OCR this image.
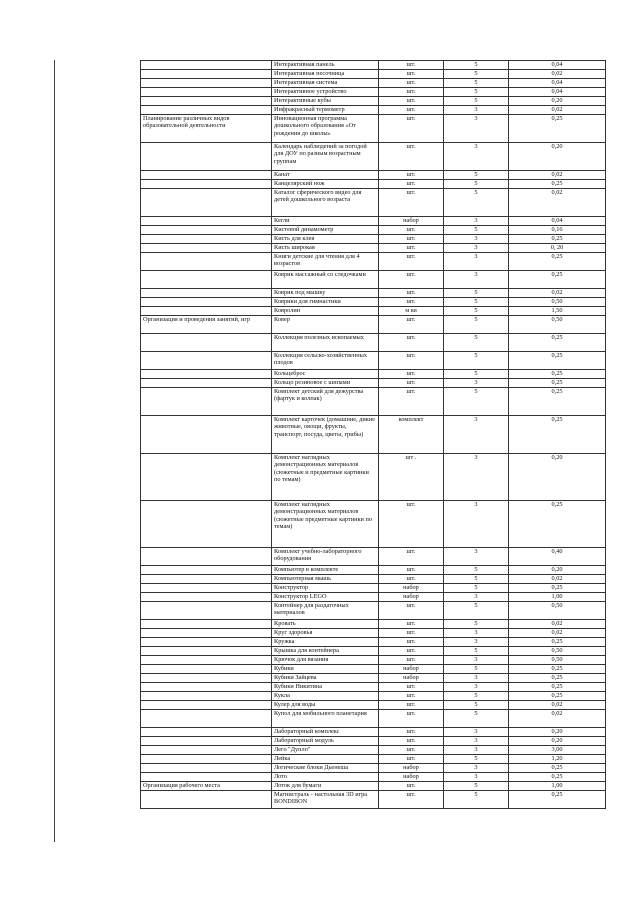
	Интерактивная панель	шт.	5	0,04
	Интерактивная песочница	шт.	5	0,02
	Интерактивная система	шт.	5	0,04
	Интерактивное устройство	шт.	5	0,04
	Интерактивные кубы	шт.	5	0,20
	Инфракрасный термометр	шт.	3	0,02
Планирование различных видов образовательной деятельности	Инновационная программа дошкольного образования «От рождения до школы»	шт.	3	0,25
	Календарь наблюдений за погодой для ДОУ по разным возрастным группам	шт.	3	0,20
	Канат	шт.	5	0,02
	Канцелярский нож	шт.	5	0,25
	Каталог сферического видео для детей дошкольного возраста	шт.	5	0,02
	Кегли	набор	3	0,04
	Кистевой динамометр	шт.	5	0,16
	Кисть для клея	шт.	3	0,25
	Кисть широкая	шт.	3	0, 20
	Книги детские для чтения для 4 возрастов	шт.	3	0,25
	Коврик массажный со следочками	шт.	3	0,25
	Коврик под мышку	шт.	5	0,02
	Коврики для гимнастики	шт.	5	0,50
	Ковролин	м кв	5	1,50
Организация и проведения занятий, игр	Ковер	шт.	5	0,50
	Коллекция полезных ископаемых	шт.	5	0,25
	Коллекция сельско-хозяйственных плодов	шт.	5	0,25
	Кольцеброс	шт.	5	0,25
	Кольцо резиновое с шипами	шт.	3	0,25
	Комплект детский для дежурства (фартук и колпак)	шт.	5	0,25
	Комплект карточек (домашние, дикие животные, овощи, фрукты, транспорт, посуда, цветы, грибы)	комплект	3	0,25
	Комплект наглядных демонстрационных материалов (сюжетные и предметные картинки по темам)	шт .	3	0,20
	Комплект наглядных демонстрационных материалов (сюжетные предметные картинки по темам)	шт.	3	0,25
	Комплект учебно-лабораторного оборудования	шт.	3	0,40
	Компьютер в комплекте	шт.	5	0,20
	Компьютерная мышь	шт.	5	0,02
	Конструктор	набор	5	0,25
	Конструктор LEGO	набор	3	1,00
	Контейнер для раздаточных материалов	шт.	5	0,50
	Кровать	шт.	5	0,02
	Круг здоровья	шт.	3	0,02
	Кружка	шт.	3	0,25
	Крышка для контейнера	шт.	5	0,50
	Крючок для вязания	шт.	3	0,50
	Кубики	набор	5	0,25
	Кубики Зайцева	набор	3	0,25
	Кубики Никитина	шт.	3	0,25
	Кукла	шт.	5	0,25
	Кулер для воды	шт.	5	0,02
	Купол для мобильного планетария	шт.	5	0,02
	Лабораторный комплекс	шт.	3	0,20
	Лабораторный модуль	шт.	3	0,20
	Лего "Дупло"	шт.	3	3,00
	Лейка	шт.	5	1,20
	Логические блоки Дьенеша	набор	3	0,25
	Лото	набор	3	0,25
Организация рабочего места	Лоток для бумаги	шт.	5	1,00
	Магнистраль - настольная 3D игра BONDIBON	шт.	5	0,25
